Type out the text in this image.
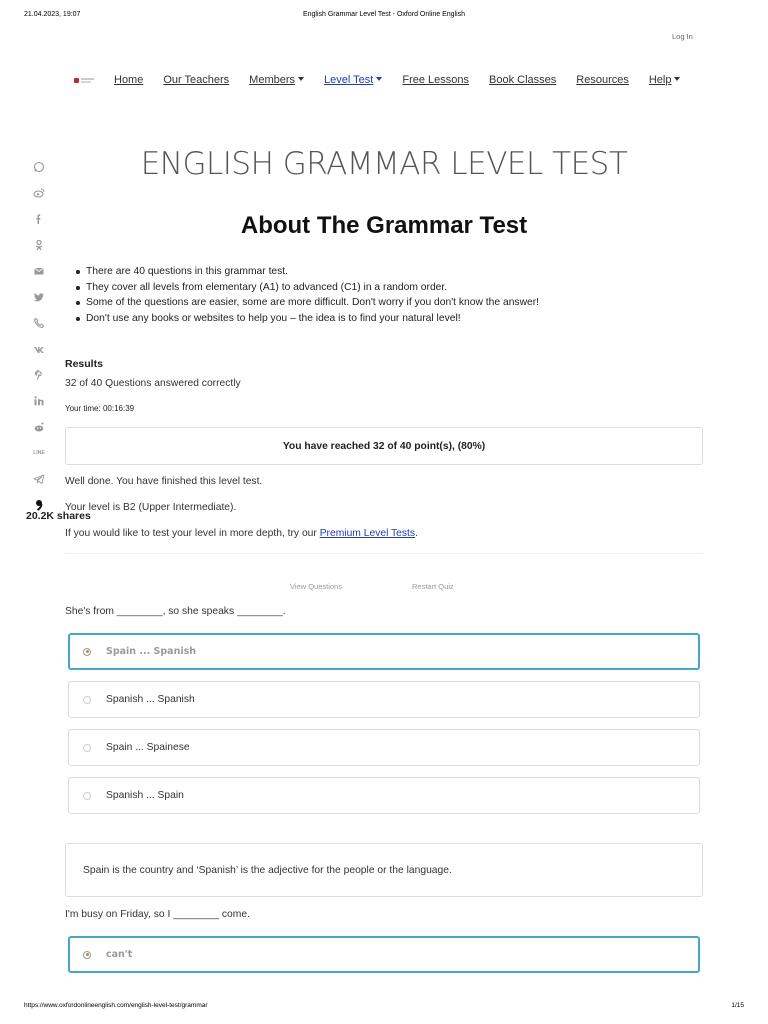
21.04.2023, 19:07	English Grammar Level Test - Oxford Online English
Log In
Home Our Teachers Members	Level Test	Free Lessons Book Classes Resources Help
LINE
20.2K shares
ENGLISH GRAMMAR LEVEL TEST
About The Grammar Test
There are 40 questions in this grammar test.
They cover all levels from elementary (A1) to advanced (C1) in a random order.
Some of the questions are easier, some are more difficult. Don't worry if you don't know the answer!
Don't use any books or websites to help you – the idea is to find your natural level!
Results
32 of 40 Questions answered correctly
Your time: 00:16:39
You have reached 32 of 40 point(s), (80%)
Well done. You have finished this level test.
Your level is B2 (Upper Intermediate).
If you would like to test your level in more depth, try our Premium Level Tests.
View Questions	Restart Quiz
She's from ________, so she speaks ________.
Spain ... Spanish
Spanish ... Spanish
Spain ... Spainese
Spanish ... Spain
Spain is the country and ‘Spanish’ is the adjective for the people or the language.
I'm busy on Friday, so I ________ come.
can't
https://www.oxfordonlineenglish.com/english-level-test/grammar	1/15
